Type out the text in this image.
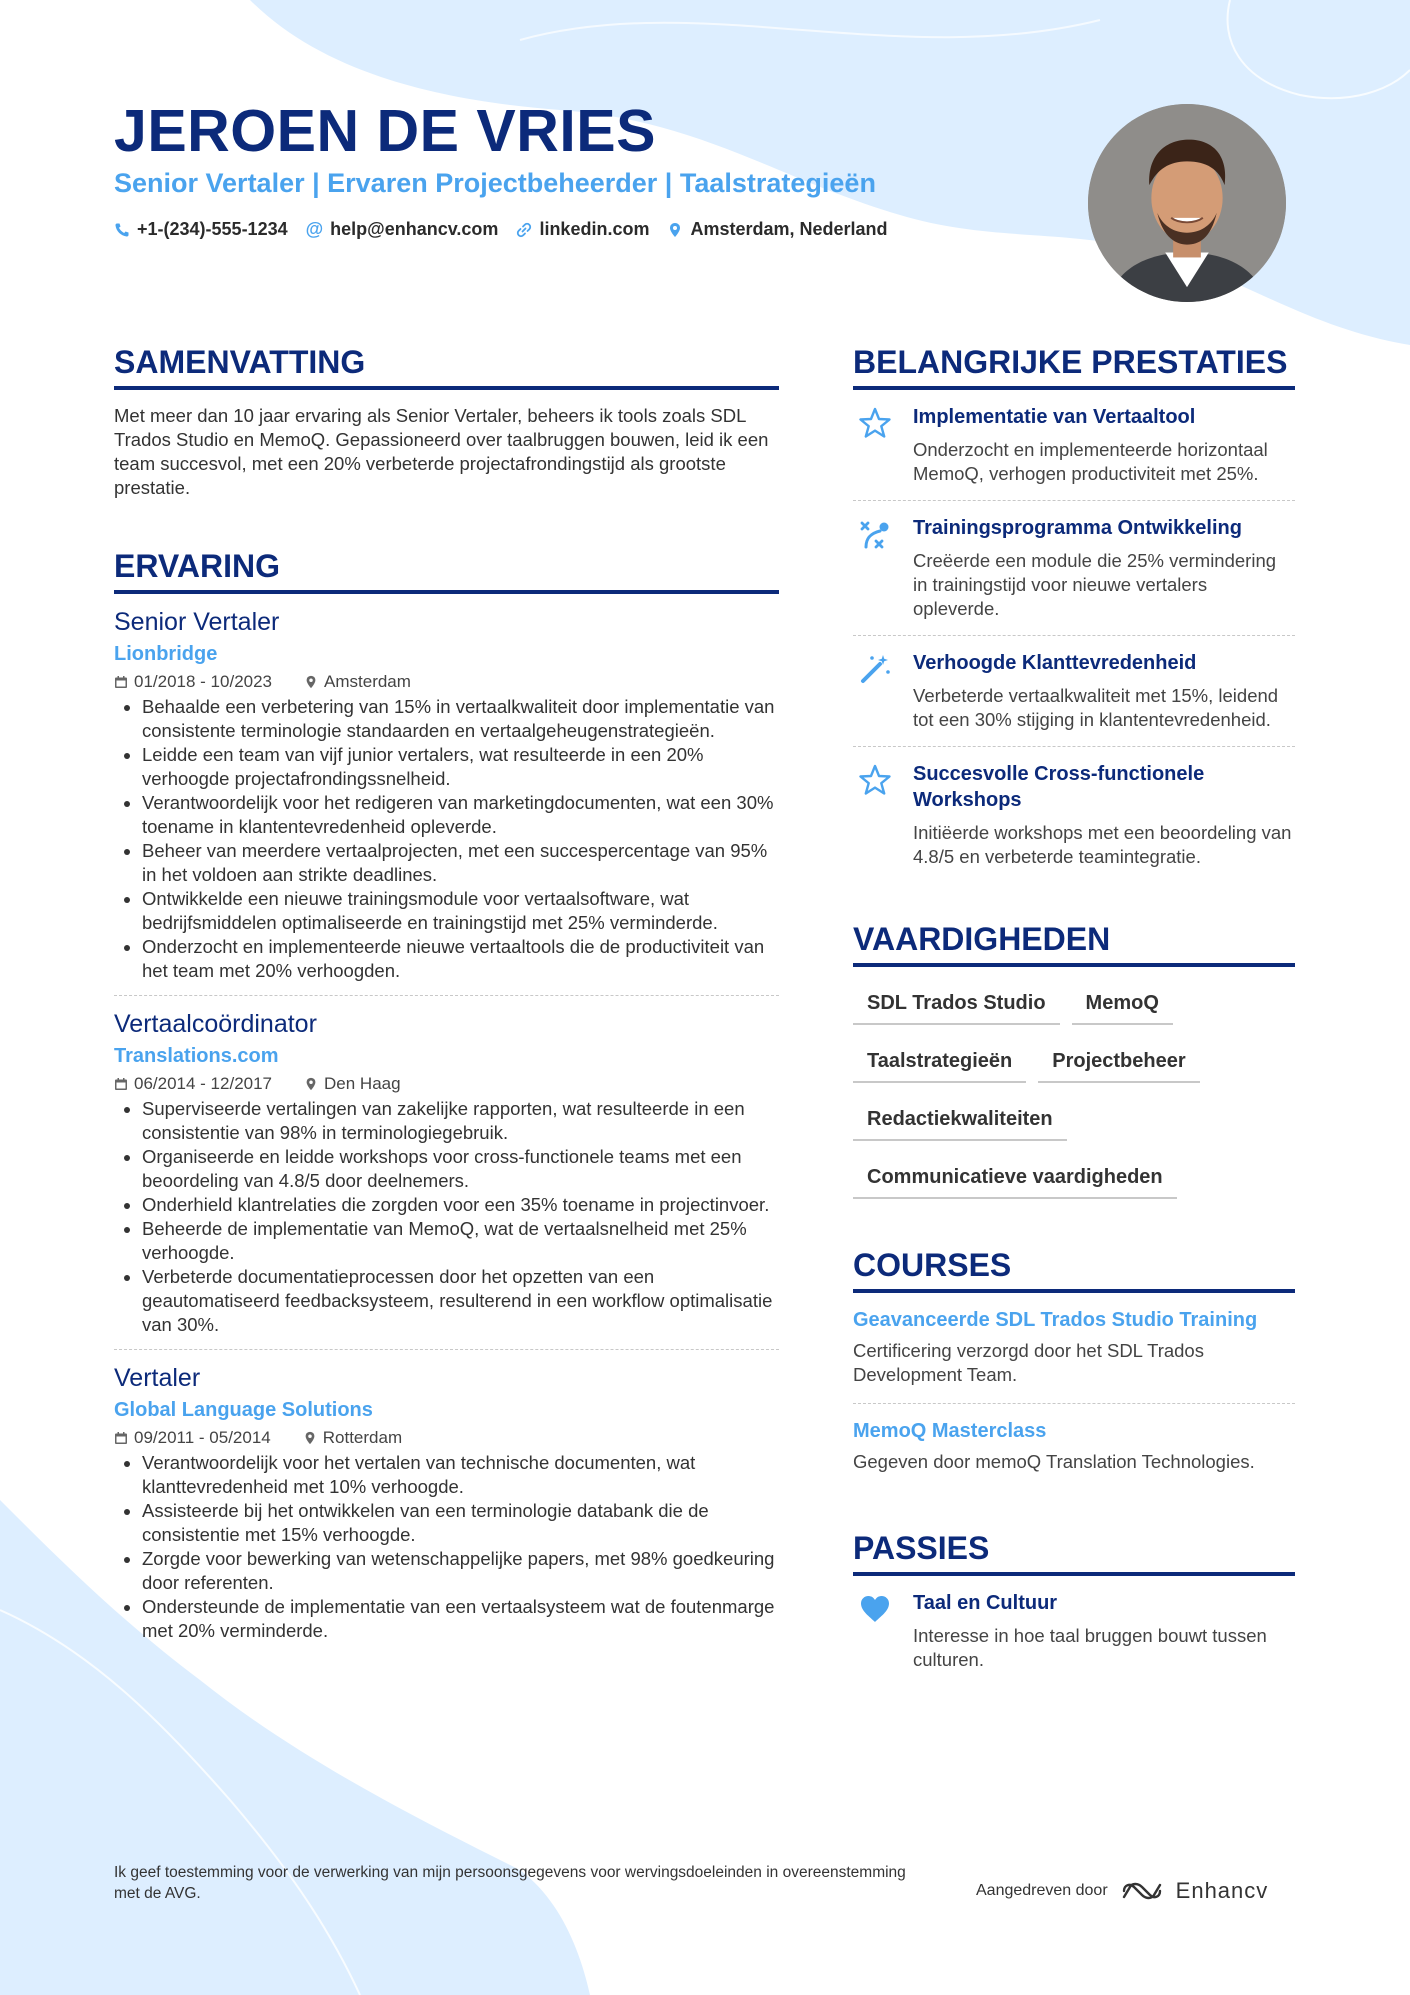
JEROEN DE VRIES
Senior Vertaler | Ervaren Projectbeheerder | Taalstrategieën
+1-(234)-555-1234 @ help@enhancv.com linkedin.com Amsterdam, Nederland
SAMENVATTING

Met meer dan 10 jaar ervaring als Senior Vertaler, beheers ik tools zoals SDL Trados Studio en MemoQ. Gepassioneerd over taalbruggen bouwen, leid ik een team succesvol, met een 20% verbeterde projectafrondingstijd als grootste prestatie.

ERVARING
Senior Vertaler
Lionbridge
01/2018 - 10/2023	Amsterdam
• Behaalde een verbetering van 15% in vertaalkwaliteit door implementatie van consistente terminologie standaarden en vertaalgeheugenstrategieën.
• Leidde een team van vijf junior vertalers, wat resulteerde in een 20% verhoogde projectafrondingssnelheid.
• Verantwoordelijk voor het redigeren van marketingdocumenten, wat een 30% toename in klantentevredenheid opleverde.
• Beheer van meerdere vertaalprojecten, met een succespercentage van 95% in het voldoen aan strikte deadlines.
• Ontwikkelde een nieuwe trainingsmodule voor vertaalsoftware, wat bedrijfsmiddelen optimaliseerde en trainingstijd met 25% verminderde.
• Onderzocht en implementeerde nieuwe vertaaltools die de productiviteit van het team met 20% verhoogden.
Vertaalcoördinator
Translations.com
06/2014 - 12/2017	Den Haag
• Superviseerde vertalingen van zakelijke rapporten, wat resulteerde in een consistentie van 98% in terminologiegebruik.
• Organiseerde en leidde workshops voor cross-functionele teams met een beoordeling van 4.8/5 door deelnemers.
• Onderhield klantrelaties die zorgden voor een 35% toename in projectinvoer.
• Beheerde de implementatie van MemoQ, wat de vertaalsnelheid met 25% verhoogde.
• Verbeterde documentatieprocessen door het opzetten van een geautomatiseerd feedbacksysteem, resulterend in een workflow optimalisatie van 30%.
Vertaler
Global Language Solutions
09/2011 - 05/2014	Rotterdam
• Verantwoordelijk voor het vertalen van technische documenten, wat klanttevredenheid met 10% verhoogde.
• Assisteerde bij het ontwikkelen van een terminologie databank die de consistentie met 15% verhoogde.
• Zorgde voor bewerking van wetenschappelijke papers, met 98% goedkeuring door referenten.
• Ondersteunde de implementatie van een vertaalsysteem wat de foutenmarge met 20% verminderde.
BELANGRIJKE PRESTATIES
Implementatie van Vertaaltool
Onderzocht en implementeerde horizontaal MemoQ, verhogen productiviteit met 25%.
Trainingsprogramma Ontwikkeling
Creëerde een module die 25% vermindering in trainingstijd voor nieuwe vertalers opleverde.
Verhoogde Klanttevredenheid
Verbeterde vertaalkwaliteit met 15%, leidend tot een 30% stijging in klantentevredenheid.
Succesvolle Cross-functionele Workshops
Initiëerde workshops met een beoordeling van 4.8/5 en verbeterde teamintegratie.
VAARDIGHEDEN
SDL Trados Studio	MemoQ
Taalstrategieën	Projectbeheer
Redactiekwaliteiten
Communicatieve vaardigheden
COURSES
Geavanceerde SDL Trados Studio Training
Certificering verzorgd door het SDL Trados Development Team.
MemoQ Masterclass
Gegeven door memoQ Translation Technologies.
PASSIES
Taal en Cultuur
Interesse in hoe taal bruggen bouwt tussen culturen.
Ik geef toestemming voor de verwerking van mijn persoonsgegevens voor wervingsdoeleinden in overeenstemming met de AVG.	Aangedreven door	Enhancv
